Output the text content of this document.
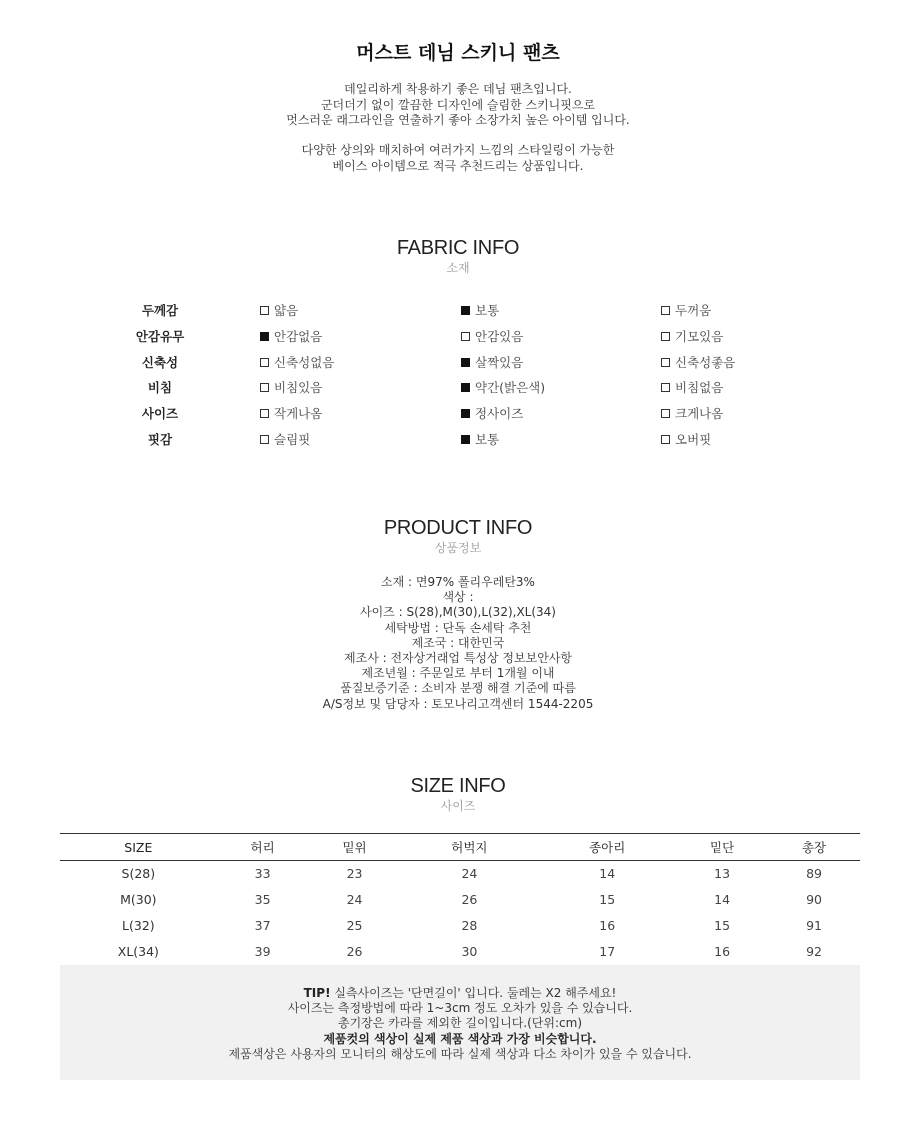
머스트 데님 스키니 팬츠

데일리하게 착용하기 좋은 데님 팬츠입니다.

군더더기 없이 깔끔한 디자인에 슬림한 스키니핏으로

멋스러운 래그라인을 연출하기 좋아 소장가치 높은 아이템 입니다.

다양한 상의와 매치하여 여러가지 느낌의 스타일링이 가능한

베이스 아이템으로 적극 추천드리는 상품입니다.

FABRIC INFO
소재
두께감	얇음	보통	두꺼움
안감유무	안감없음	안감있음	기모있음
신축성	신축성없음	살짝있음	신축성좋음
비침	비침있음	약간(밝은색)	비침없음
사이즈	작게나옴	정사이즈	크게나옴
핏감	슬림핏	보통	오버핏
PRODUCT INFO
상품정보

소재 : 면97% 폴리우레탄3%

색상 :

사이즈 : S(28),M(30),L(32),XL(34)

세탁방법 : 단독 손세탁 추천

제조국 : 대한민국

제조사 : 전자상거래업 특성상 정보보안사항

제조년월 : 주문일로 부터 1개월 이내

품질보증기준 : 소비자 분쟁 해결 기준에 따름

A/S정보 및 담당자 : 토모나리고객센터 1544-2205

SIZE INFO
사이즈
SIZE	허리	밑위	허벅지	종아리	밑단	총장
S(28)	33	23	24	14	13	89
M(30)	35	24	26	15	14	90
L(32)	37	25	28	16	15	91
XL(34)	39	26	30	17	16	92

TIP! 실측사이즈는 '단면길이' 입니다. 둘레는 X2 해주세요!

사이즈는 측정방법에 따라 1~3cm 정도 오차가 있을 수 있습니다.

총기장은 카라를 제외한 길이입니다.(단위:cm)

제품컷의 색상이 실제 제품 색상과 가장 비슷합니다.

제품색상은 사용자의 모니터의 해상도에 따라 실제 색상과 다소 차이가 있을 수 있습니다.
